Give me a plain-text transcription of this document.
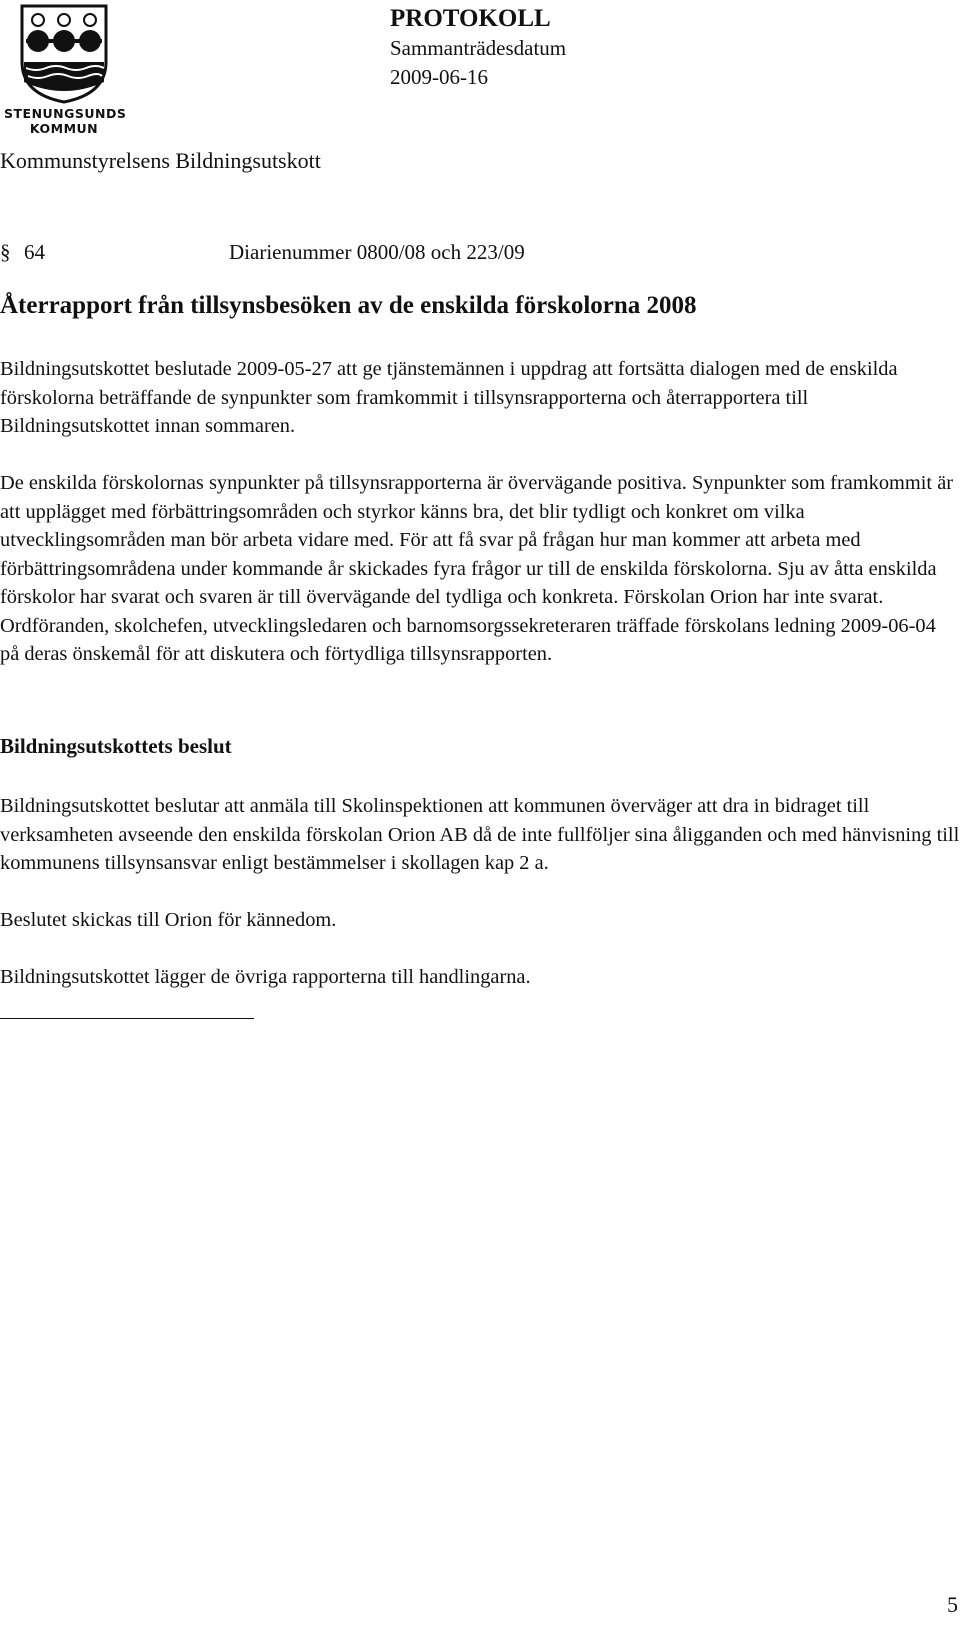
STENUNGSUNDS
KOMMUN
PROTOKOLL
Sammanträdesdatum
2009-06-16
Kommunstyrelsens Bildningsutskott
§ 64	Diarienummer 0800/08 och 223/09
Återrapport från tillsynsbesöken av de enskilda förskolorna 2008

Bildningsutskottet beslutade 2009-05-27 att ge tjänstemännen i uppdrag att fortsätta dialogen med de enskilda förskolorna beträffande de synpunkter som framkommit i tillsynsrapporterna och återrapportera till Bildningsutskottet innan sommaren.

De enskilda förskolornas synpunkter på tillsynsrapporterna är övervägande positiva. Synpunkter som framkommit är att upplägget med förbättringsområden och styrkor känns bra, det blir tydligt och konkret om vilka utvecklingsområden man bör arbeta vidare med. För att få svar på frågan hur man kommer att arbeta med förbättringsområdena under kommande år skickades fyra frågor ur till de enskilda förskolorna. Sju av åtta enskilda förskolor har svarat och svaren är till övervägande del tydliga och konkreta. Förskolan Orion har inte svarat. Ordföranden, skolchefen, utvecklingsledaren och barnomsorgssekreteraren träffade förskolans ledning 2009-06-04 på deras önskemål för att diskutera och förtydliga tillsynsrapporten.

Bildningsutskottets beslut

Bildningsutskottet beslutar att anmäla till Skolinspektionen att kommunen överväger att dra in bidraget till verksamheten avseende den enskilda förskolan Orion AB då de inte fullföljer sina åligganden och med hänvisning till kommunens tillsynsansvar enligt bestämmelser i skollagen kap 2 a.

Beslutet skickas till Orion för kännedom.

Bildningsutskottet lägger de övriga rapporterna till handlingarna.

5
